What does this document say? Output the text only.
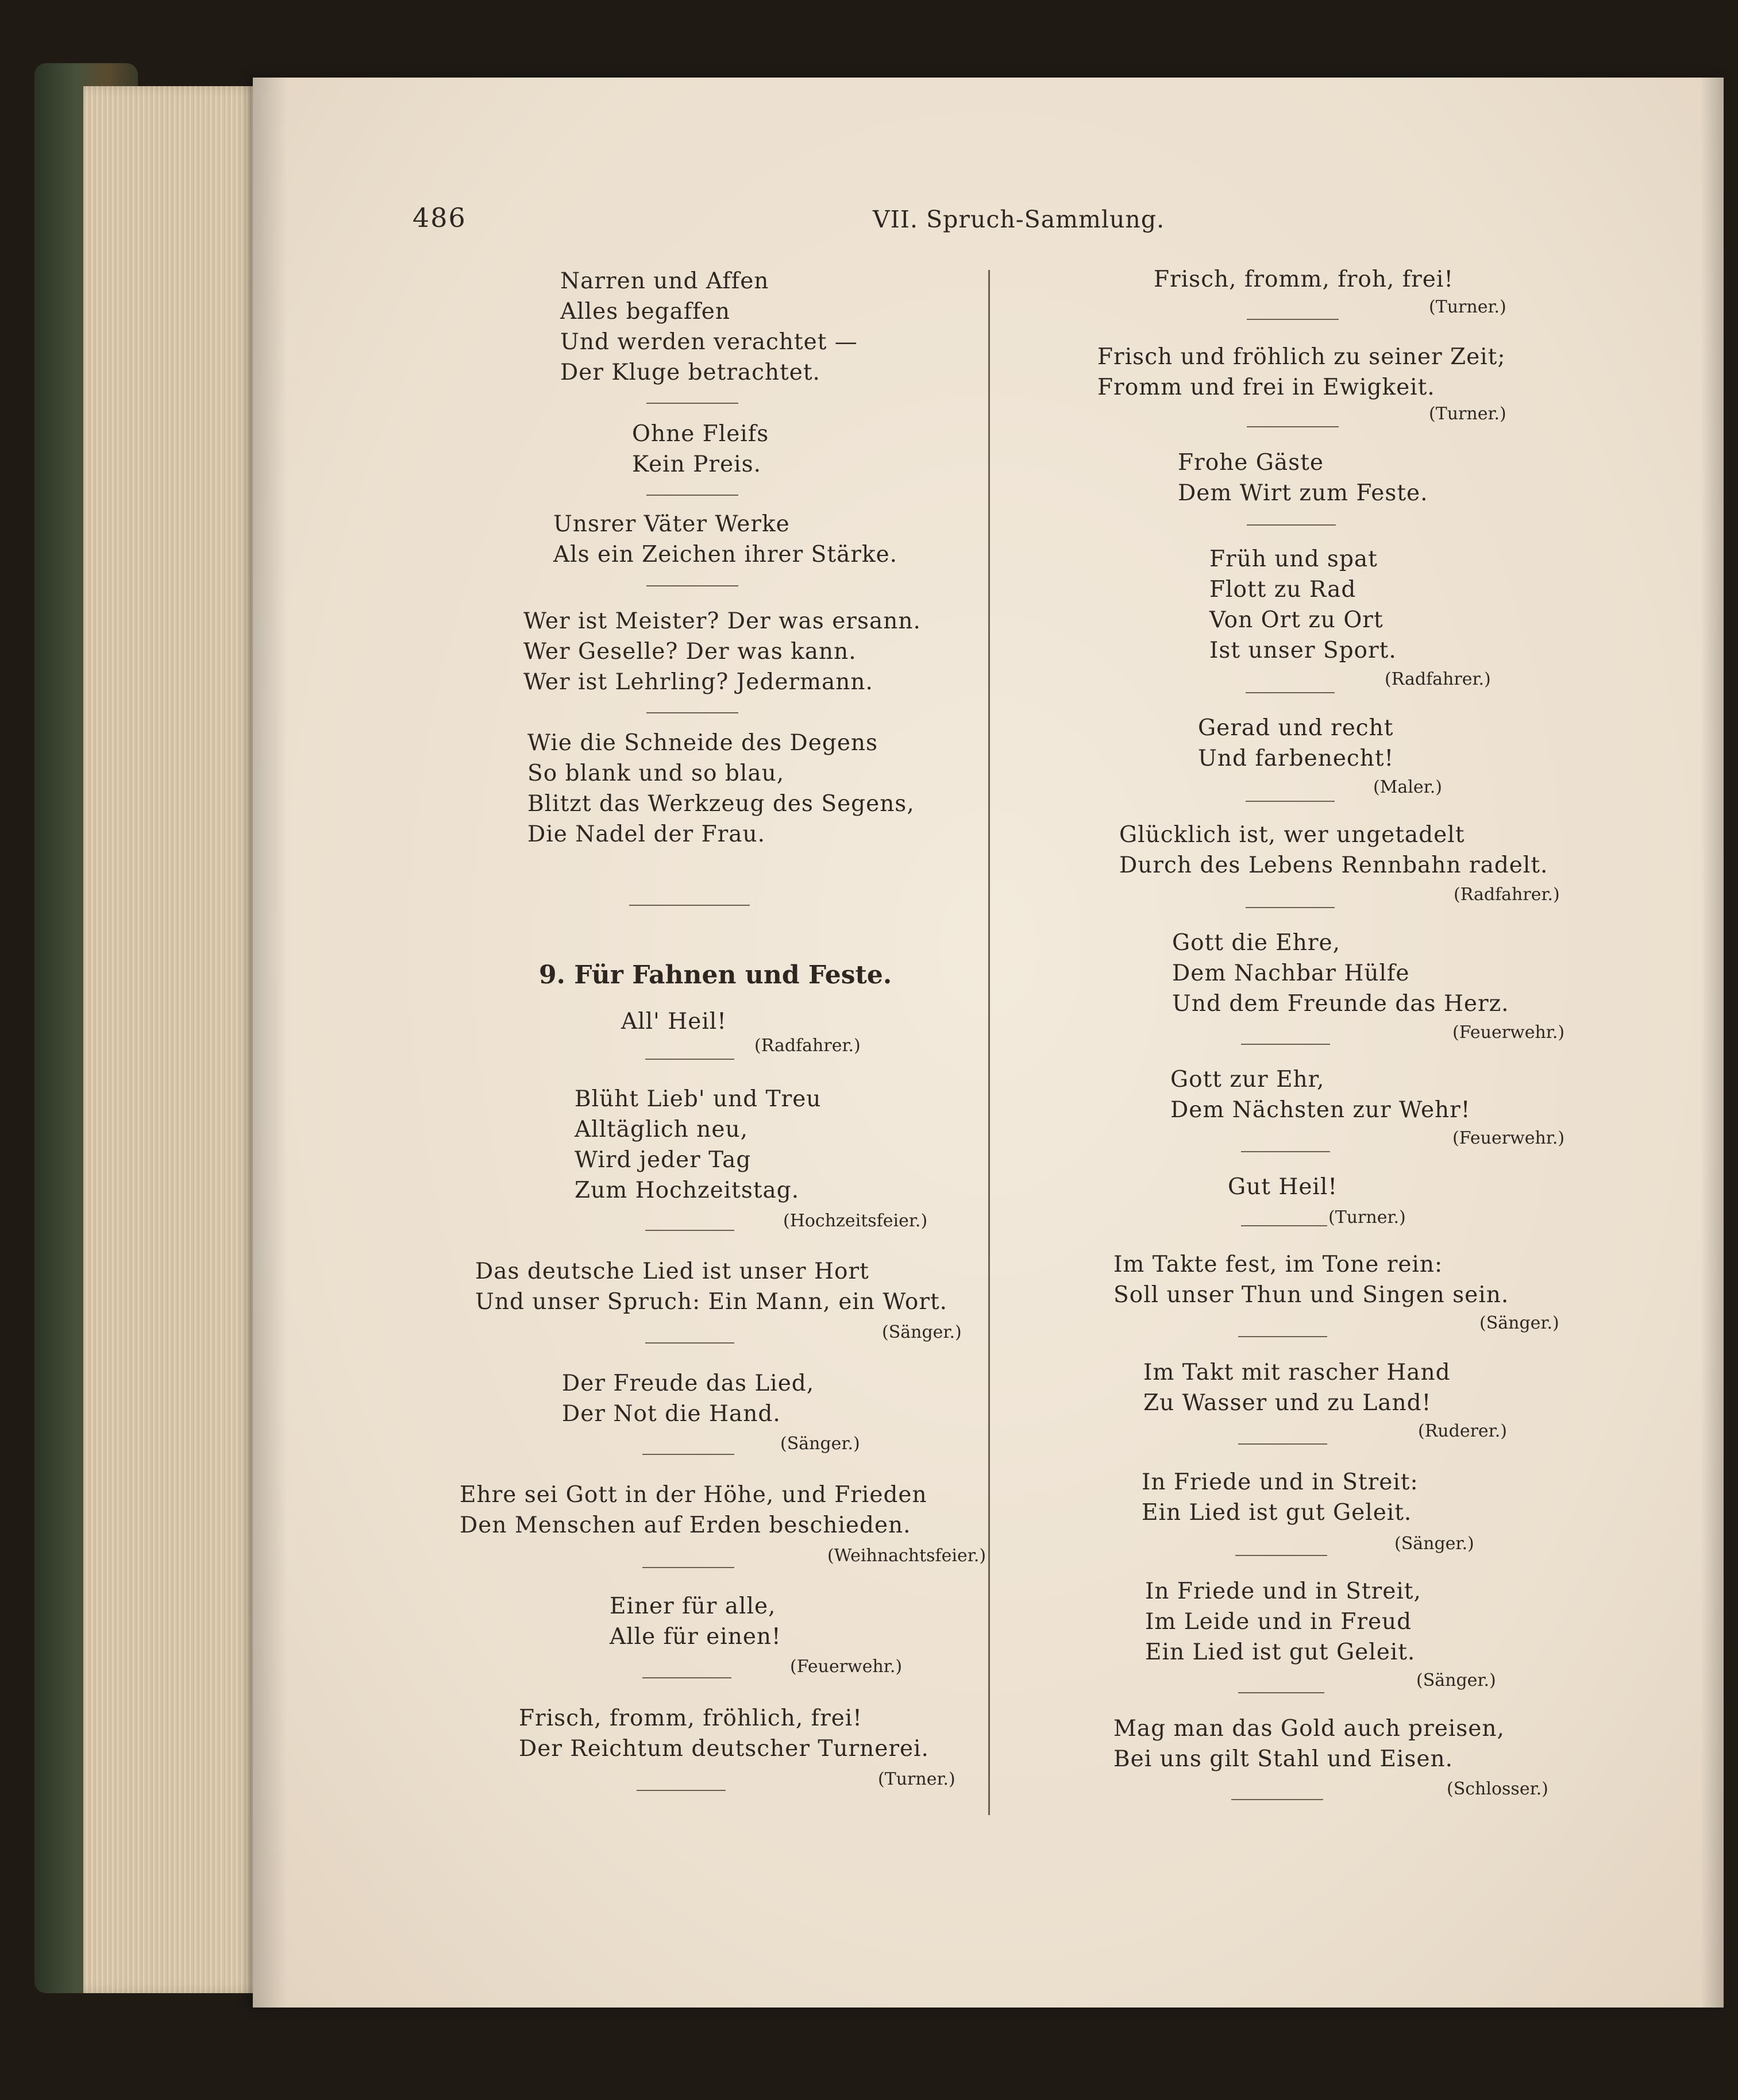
486	VII. Spruch-Sammlung.
Narren und Affen
Alles begaffen
Und werden verachtet —
Der Kluge betrachtet.
Ohne Fleifs
Kein Preis.
Unsrer Väter Werke
Als ein Zeichen ihrer Stärke.
Wer ist Meister? Der was ersann.
Wer Geselle? Der was kann.
Wer ist Lehrling? Jedermann.
Wie die Schneide des Degens
So blank und so blau,
Blitzt das Werkzeug des Segens,
Die Nadel der Frau.
9. Für Fahnen und Feste.
All' Heil!
(Radfahrer.)
Blüht Lieb' und Treu
Alltäglich neu,
Wird jeder Tag
Zum Hochzeitstag.
(Hochzeitsfeier.)
Das deutsche Lied ist unser Hort
Und unser Spruch: Ein Mann, ein Wort.
(Sänger.)
Der Freude das Lied,
Der Not die Hand.
(Sänger.)
Ehre sei Gott in der Höhe, und Frieden
Den Menschen auf Erden beschieden.
(Weihnachtsfeier.)
Einer für alle,
Alle für einen!
(Feuerwehr.)
Frisch, fromm, fröhlich, frei!
Der Reichtum deutscher Turnerei.
(Turner.)
Frisch, fromm, froh, frei!
(Turner.)
Frisch und fröhlich zu seiner Zeit;
Fromm und frei in Ewigkeit.
(Turner.)
Frohe Gäste
Dem Wirt zum Feste.
Früh und spat
Flott zu Rad
Von Ort zu Ort
Ist unser Sport.
(Radfahrer.)
Gerad und recht
Und farbenecht!
(Maler.)
Glücklich ist, wer ungetadelt
Durch des Lebens Rennbahn radelt.
(Radfahrer.)
Gott die Ehre,
Dem Nachbar Hülfe
Und dem Freunde das Herz.
(Feuerwehr.)
Gott zur Ehr,
Dem Nächsten zur Wehr!
(Feuerwehr.)
Gut Heil!
(Turner.)
Im Takte fest, im Tone rein:
Soll unser Thun und Singen sein.
(Sänger.)
Im Takt mit rascher Hand
Zu Wasser und zu Land!
(Ruderer.)
In Friede und in Streit:
Ein Lied ist gut Geleit.
(Sänger.)
In Friede und in Streit,
Im Leide und in Freud
Ein Lied ist gut Geleit.
(Sänger.)
Mag man das Gold auch preisen,
Bei uns gilt Stahl und Eisen.
(Schlosser.)
